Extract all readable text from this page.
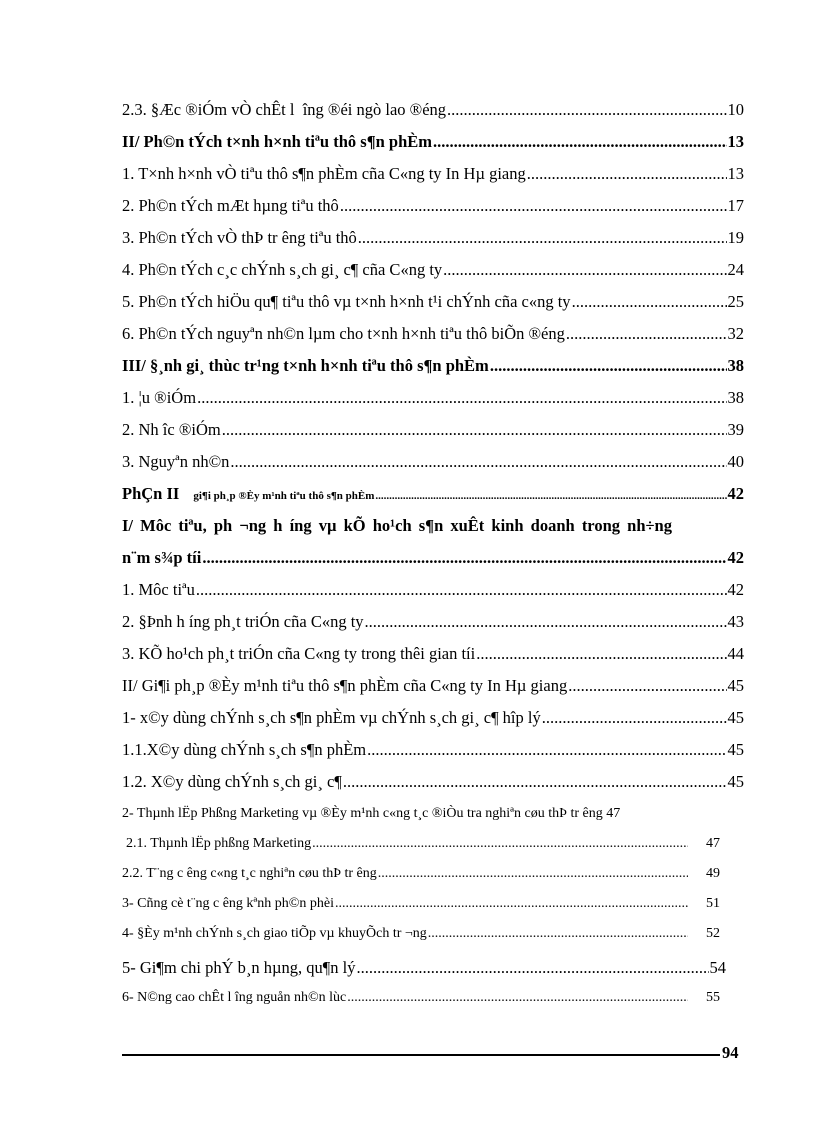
2.3. §Æc ®iÓm vÒ chÊt l  îng ®éi ngò lao ®éng .....	10
II/ Ph©n tÝch t×nh h×nh tiªu thô s¶n phÈm .....	13
1. T×nh h×nh vÒ tiªu thô s¶n phÈm cña C«ng ty In Hµ giang .....	13
2. Ph©n tÝch mÆt hµng tiªu thô .....	17
3. Ph©n tÝch vÒ thÞ tr êng tiªu thô .....	19
4. Ph©n tÝch c¸c chÝnh s¸ch gi¸ c¶ cña C«ng ty .....	24
5. Ph©n tÝch hiÖu qu¶ tiªu thô vµ t×nh h×nh t¹i chÝnh cña c«ng ty .....	25
6. Ph©n tÝch nguyªn nh©n lµm cho t×nh h×nh tiªu thô biÕn ®éng .....	32
III/ §¸nh gi¸ thùc tr¹ng t×nh h×nh tiªu thô s¶n phÈm .....	38
1. ¦u ®iÓm .....	38
2. Nh îc ®iÓm .....	39
3. Nguyªn nh©n .....	40
PhÇn II gi¶i ph¸p ®Èy m¹nh tiªu thô s¶n phÈm .....	42
I/ Môc tiªu, ph ¬ng h íng vµ kÕ ho¹ch s¶n xuÊt kinh doanh trong nh÷ng
n¨m s¾p tíi .....	42
1. Môc tiªu .....	42
2. §Þnh h íng ph¸t triÓn cña C«ng ty .....	43
3. KÕ ho¹ch ph¸t triÓn cña C«ng ty trong thêi gian tíi .....	44
II/ Gi¶i ph¸p ®Èy m¹nh tiªu thô s¶n phÈm cña C«ng ty In Hµ giang .....	45
1- x©y dùng chÝnh s¸ch s¶n phÈm vµ chÝnh s¸ch gi¸ c¶ hîp lý .....	45
1.1.X©y dùng chÝnh s¸ch s¶n phÈm .....	45
1.2. X©y dùng chÝnh s¸ch gi¸ c¶ .....	45
2- Thµnh lËp Phßng Marketing vµ ®Èy m¹nh c«ng t¸c ®iÒu tra nghiªn cøu thÞ tr êng 47
2.1. Thµnh lËp phßng Marketing .....	47
2.2. T¨ng c êng c«ng t¸c nghiªn cøu thÞ tr êng .....	49
3- Cñng cè t¨ng c êng kªnh ph©n phèi .....	51
4- §Èy m¹nh chÝnh s¸ch giao tiÕp vµ khuyÕch tr ¬ng .....	52
5- Gi¶m chi phÝ b¸n hµng, qu¶n lý .....	54
6- N©ng cao chÊt l îng nguån nh©n lùc .....	55
94
